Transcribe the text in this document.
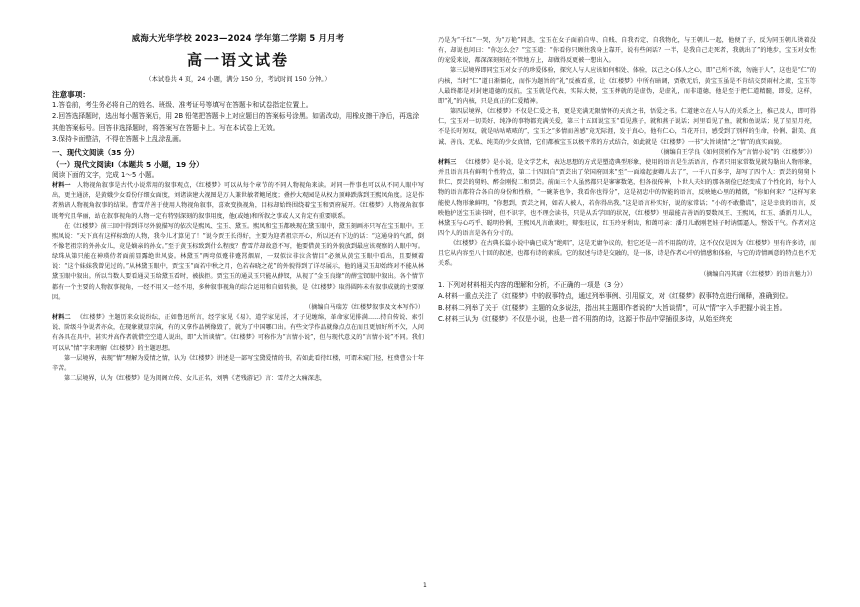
威海大光华学校 2023—2024 学年第二学期 5 月月考
高一语文试卷
（本试卷共 4 页，24 小题，满分 150 分，考试时间 150 分钟。）
注意事项：

1.答卷前，考生务必将自己的姓名、班级、准考证号等填写在答题卡和试卷指定位置上。

2.回答选择题时，选出每小题答案后，用 2B 铅笔把答题卡上对应题目的答案标号涂黑。如需改动，用橡皮擦干净后，再选涂其他答案标号。回答非选择题时，将答案写在答题卡上。写在本试卷上无效。

3.保持卡面整洁，不得在答题卡上乱涂乱画。

一、现代文阅读（35 分）
（一）现代文阅读Ⅰ（本题共 5 小题，19 分）
阅读下面的文字，完成 1～5 小题。

材料一 人物视角叙事是古代小说常用的叙事观点，《红楼梦》可以从每个章节的不同人物视角来读。对同一件事也可以从不同人眼中写出，更主通济，是黄娥少女看份仔细女面度，刘诸读建大视图是万人兼世敏者鲍尾度；叠抄大观园是从权力顶峰跌落到王熙凤角度。这是作者熟谙人物视角叙事的结果。曹雪芹善于使用人物视角叙事，喜欢变换视角，目标却始终围绕着宝玉和贾府展开。《红楼梦》人物视角叙事既考究且华丽，站在叙事视角的人物一定有特别深刻的叙事用度，他(或她)和所叙之事或人又肯定有重要联系。

在《红楼梦》前三回中得到详尽外貌描写的依次是熙凤、宝玉、黛玉。熙凤和宝玉都映现在黛玉眼中，黛玉刻画亦只写在宝玉眼中。王熙凤说：“天下真有这样标致的人物，我今儿才算见了！”说今贾王长得好，主要为迎者祖宗开心，所以还有下边的话：“这通身的气派，倒不像老祖宗的外孙女儿，竟是嫡亲的孙女。”至于黄玉标致到什么程度？曹雪芹却故意不写，他要借黄玉的外貌放到最应该观察的人眼中写。绿珠从第只能在神瑛侍者面前显露绝世风姿。林黛玉“两弯似蹙非蹙罥烟眉，一双似泣非泣含情目”必须从黄宝玉眼中看出，且要倾着说：“这个妹妹我曾见过的。”从林黛玉眼中，贾宝玉“面若中秋之月，色若春晓之花”的外貌得到了详尽展示，他的通灵玉却始终对不能从林黛玉眼中叙出。所以当数人要看通灵玉给黛玉看时，被拔拒。贾宝玉的通灵玉只能从薛钗，从视了“金玉良缘”的薛宝钗眼中叙出。各个情节都有一个主要的人物叙事视角，一经不用又一经不用，多种叙事视角的综合运用和自如转换，是《红楼梦》取得圆阵未有叙事成就的主要原因。

（摘编自马瑞芳《红楼梦叙事及文本写作》）

材料二 《红楼梦》主题历来众说纷纭，正如鲁迅所言，经学家见《易》，道学家见淫，才子见缠绵，革命家见排满……持自传说、索引说、阶级斗争说者亦众，在现象就显宗演，有的又拿作品例像毁了，就为了中国哪口出。有些文学作品就像点点在而且更加好所不欠，人问有各具在具中，甚实并高作者就借空空道人说出，即“大旨谈情”。《红楼梦》可称作为“言情小说”，但与现代意义的“言情小说”不同。我们可以从“情”字来理解《红楼梦》的主题思想。

第一层境界，表现“情”理解为爱情之情，认为《红楼梦》讲述是一部写宝黛爱情的书，若如此看待红楼，可谓未窥门径，枉费曹公十年辛苦。

第二层境界，认为《红楼梦》是为闺阁立传、女儿正名，刘鹗《老残游记》言：雪芹之大痛深悲，

乃是为“千红”一哭，为“万艳”同悲，宝玉在女子面前自卑、自贱、自我否定、自我物化，与王朝儿一起，他便了子，反为同玉朝儿烫着没有，却说也问曰：“你怎么会？”宝玉道：“你看你只顾往我身上靠开，说有些闲话？一半，是我自己走死者，我就出了”的地步，宝玉对女性的宠爱来说，都深深刻刻在不管地方上，却做得反更被一想出入。

第三层境界即同宝玉对女子的珍爱体验，探究人与人应该如何相处、体验，以己之心体人之心，即“己所不欲，勿施于人”，这也是“仁”的内核，当时“仁”道日渐僵化，而作为题旨的“礼”反被看重，让《红楼梦》中所有暗调，贾敬无后，黄宝玉虽是不肯结交贾雨村之流，宝玉等人最终都是对封建道德的反抗，宝玉就是代表，实际大便，宝玉葬就的是虚伪，是虚礼，而非道德，他是至于把仁道精髓，即爱，这样，即“礼”的内核，只是真正的仁爱精神。

第四层境界，《红楼梦》不仅是仁爱之书，更是充满无限情怀的天真之书，悟爱之书。仁道建立在人与人的关系之上，推己及人，即可得仁，宝玉对一切美好、纯净的事物都充满关爱，第三十五回说宝玉“看见燕子，就和燕子说话；河里看见了鱼，就和鱼说话；见了星星月亮，不是长吁短叹，就是咕咕哝哝的”，宝玉之“多情而善感”竟无际涯，发于真心，他有仁心，当花开日，感受到了别样的生命，伶俐、甜美、真诚、善良、无私、纯美的少女真情，它们都被宝玉以极平常的方式结合，如此就是《红楼梦》一书“大旨谈情”之“情”的真实面貌。

（摘编自王学良《如何贯析作为“言情小说”的〈红楼梦〉》）

材料三 《红楼梦》是小说，是文学艺术，表达思想的方式是塑造典型形象，使用的语言是生活语言，作者只用家常数见就勾勒出人物形象，并且语言具有鲜明个性特点，第二十四回自“贾芸出了荣国府回来”至“一面端起妻卿儿去了”，一千八百多字，却写了四个人：贾芸的舅舅卜世仁、贾芸的舅妈、醉金刚倪二和贾芸。前面三个人虽然都只是寥寥数笔，但各很传神，卜世人夫妇的那各刻俭已经变成了个性化的，每个人物的语言都符合各自的身份和性格，“一碗茶也争，我看你也得分”，这是初忠中的智能的语言，反映她心里的精微，“你如何来？”这样写来能使人物形象鲜明，“你想到，贾芸之间，如若人被人，若你得出我。”这是语言朴实好，说的家常话；“小的不敢撒谎”，这是幸贵的语言，反映他护送宝玉读书时，但不识字，也不理会读书，只是从舌学回的状况，《红楼梦》里最能吉善语的要数凤王、王熙凤，红玉、潘新月儿人，林黛玉与心巧乎、聪明伶俐，王熙凤凡言敢谈吐，辩张旺议，红玉玲牙利齿，和蔼可亲：潘月儿敢刚老娃子时讷懦逼人，整饭干气。作者对这四个人的语言是各有分寸的。

《红楼梦》在古典长篇小说中确已成为“绝唱”，这是无庸争议的，但它还是一首不用韵的诗，这不仅仅是因为《红楼梦》里有许多诗，而且它从内容至八十回的叙述，也都有诗的素质。它的叙述与诗是交融的，是一体，诗是作者心中的情感和体验，与它的诗情画意的特点也不无关系。

（摘编自冯其庸《〈红楼梦〉的语言魅力》）

1. 下列对材料相关内容的理解和分析，不正确的一项是（3 分）

A.材料一重点关注了《红楼梦》中的叙事特点，通过列举事例、引用原文，对《红楼梦》叙事特点进行阐释，准确到位。

B.材料二列举了关于《红楼梦》主题的众多说法，指出其主题即作者说的“大旨谈情”，可从“情”字入手把握小说主旨。

C.材料三认为《红楼梦》不仅是小说，也是一首不用韵的诗，这源于作品中穿插很多诗，从始至终充

1
